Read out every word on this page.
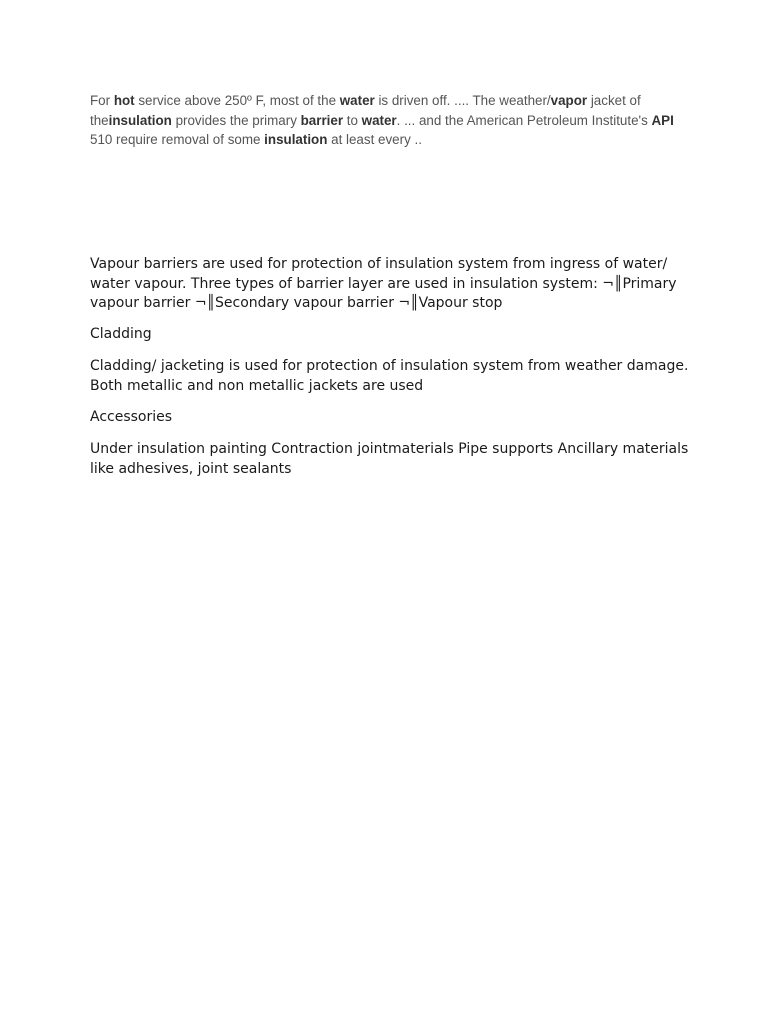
For hot service above 250º F, most of the water is driven off. .... The weather/vapor jacket of theinsulation provides the primary barrier to water. ... and the American Petroleum Institute's API 510 require removal of some insulation at least every ..

Vapour barriers are used for protection of insulation system from ingress of water/ water vapour. Three types of barrier layer are used in insulation system: ¬║Primary vapour barrier ¬║Secondary vapour barrier ¬║Vapour stop

Cladding

Cladding/ jacketing is used for protection of insulation system from weather damage. Both metallic and non metallic jackets are used

Accessories

Under insulation painting Contraction jointmaterials Pipe supports Ancillary materials like adhesives, joint sealants
